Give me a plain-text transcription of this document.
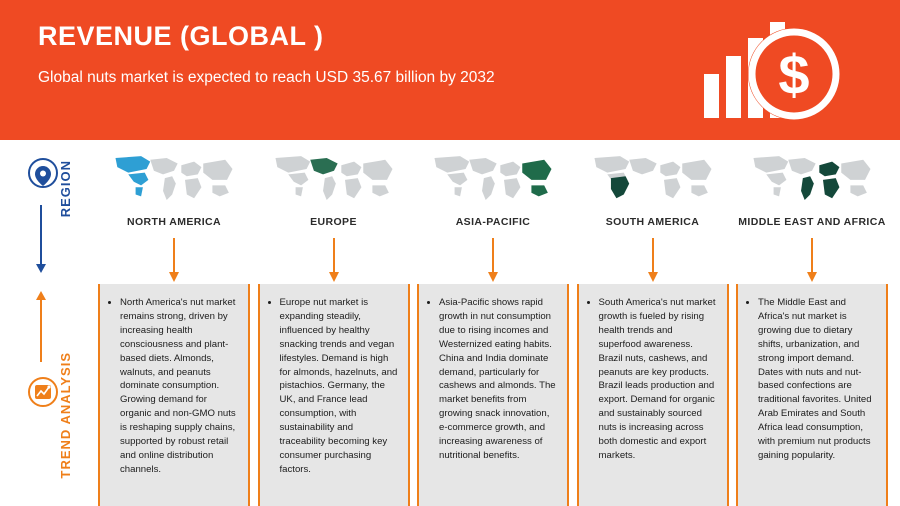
REVENUE (GLOBAL )
Global nuts market is expected to reach USD 35.67 billion by 2032	$
REGION
TREND ANALYSIS
NORTH AMERICA
• North America's nut market remains strong, driven by increasing health consciousness and plant-based diets. Almonds, walnuts, and peanuts dominate consumption. Growing demand for organic and non-GMO nuts is reshaping supply chains, supported by robust retail and online distribution channels.
EUROPE
• Europe nut market is expanding steadily, influenced by healthy snacking trends and vegan lifestyles. Demand is high for almonds, hazelnuts, and pistachios. Germany, the UK, and France lead consumption, with sustainability and traceability becoming key consumer purchasing factors.
ASIA-PACIFIC
• Asia-Pacific shows rapid growth in nut consumption due to rising incomes and Westernized eating habits. China and India dominate demand, particularly for cashews and almonds. The market benefits from growing snack innovation, e-commerce growth, and increasing awareness of nutritional benefits.
SOUTH AMERICA
• South America's nut market growth is fueled by rising health trends and superfood awareness. Brazil nuts, cashews, and peanuts are key products. Brazil leads production and export. Demand for organic and sustainably sourced nuts is increasing across both domestic and export markets.
MIDDLE EAST AND AFRICA
• The Middle East and Africa's nut market is growing due to dietary shifts, urbanization, and strong import demand. Dates with nuts and nut-based confections are traditional favorites. United Arab Emirates and South Africa lead consumption, with premium nut products gaining popularity.
